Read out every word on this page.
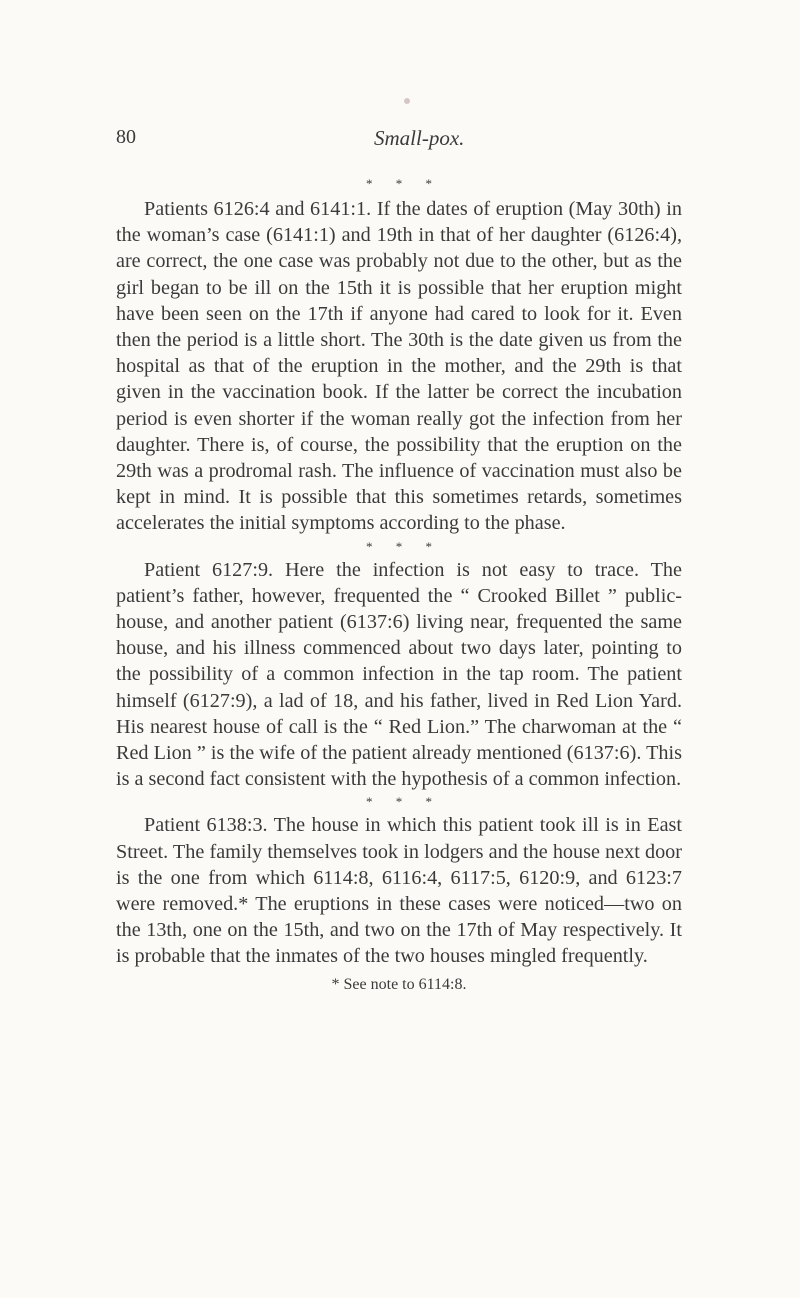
80	Small-pox.
* * *

Patients 6126:4 and 6141:1. If the dates of eruption (May 30th) in the woman’s case (6141:1) and 19th in that of her daughter (6126:4), are correct, the one case was probably not due to the other, but as the girl began to be ill on the 15th it is possible that her eruption might have been seen on the 17th if anyone had cared to look for it. Even then the period is a little short. The 30th is the date given us from the hospital as that of the eruption in the mother, and the 29th is that given in the vaccination book. If the latter be correct the incubation period is even shorter if the woman really got the infection from her daughter. There is, of course, the possibility that the eruption on the 29th was a prodromal rash. The influence of vaccination must also be kept in mind. It is possible that this sometimes retards, sometimes accelerates the initial symptoms according to the phase.

* * *

Patient 6127:9. Here the infection is not easy to trace. The patient’s father, however, frequented the “ Crooked Billet ” public-house, and another patient (6137:6) living near, frequented the same house, and his illness commenced about two days later, pointing to the possibility of a common infection in the tap room. The patient himself (6127:9), a lad of 18, and his father, lived in Red Lion Yard. His nearest house of call is the “ Red Lion.” The charwoman at the “ Red Lion ” is the wife of the patient already mentioned (6137:6). This is a second fact consistent with the hypothesis of a common infection.

* * *

Patient 6138:3. The house in which this patient took ill is in East Street. The family themselves took in lodgers and the house next door is the one from which 6114:8, 6116:4, 6117:5, 6120:9, and 6123:7 were removed.* The eruptions in these cases were noticed—two on the 13th, one on the 15th, and two on the 17th of May respectively. It is probable that the inmates of the two houses mingled frequently.

* See note to 6114:8.
